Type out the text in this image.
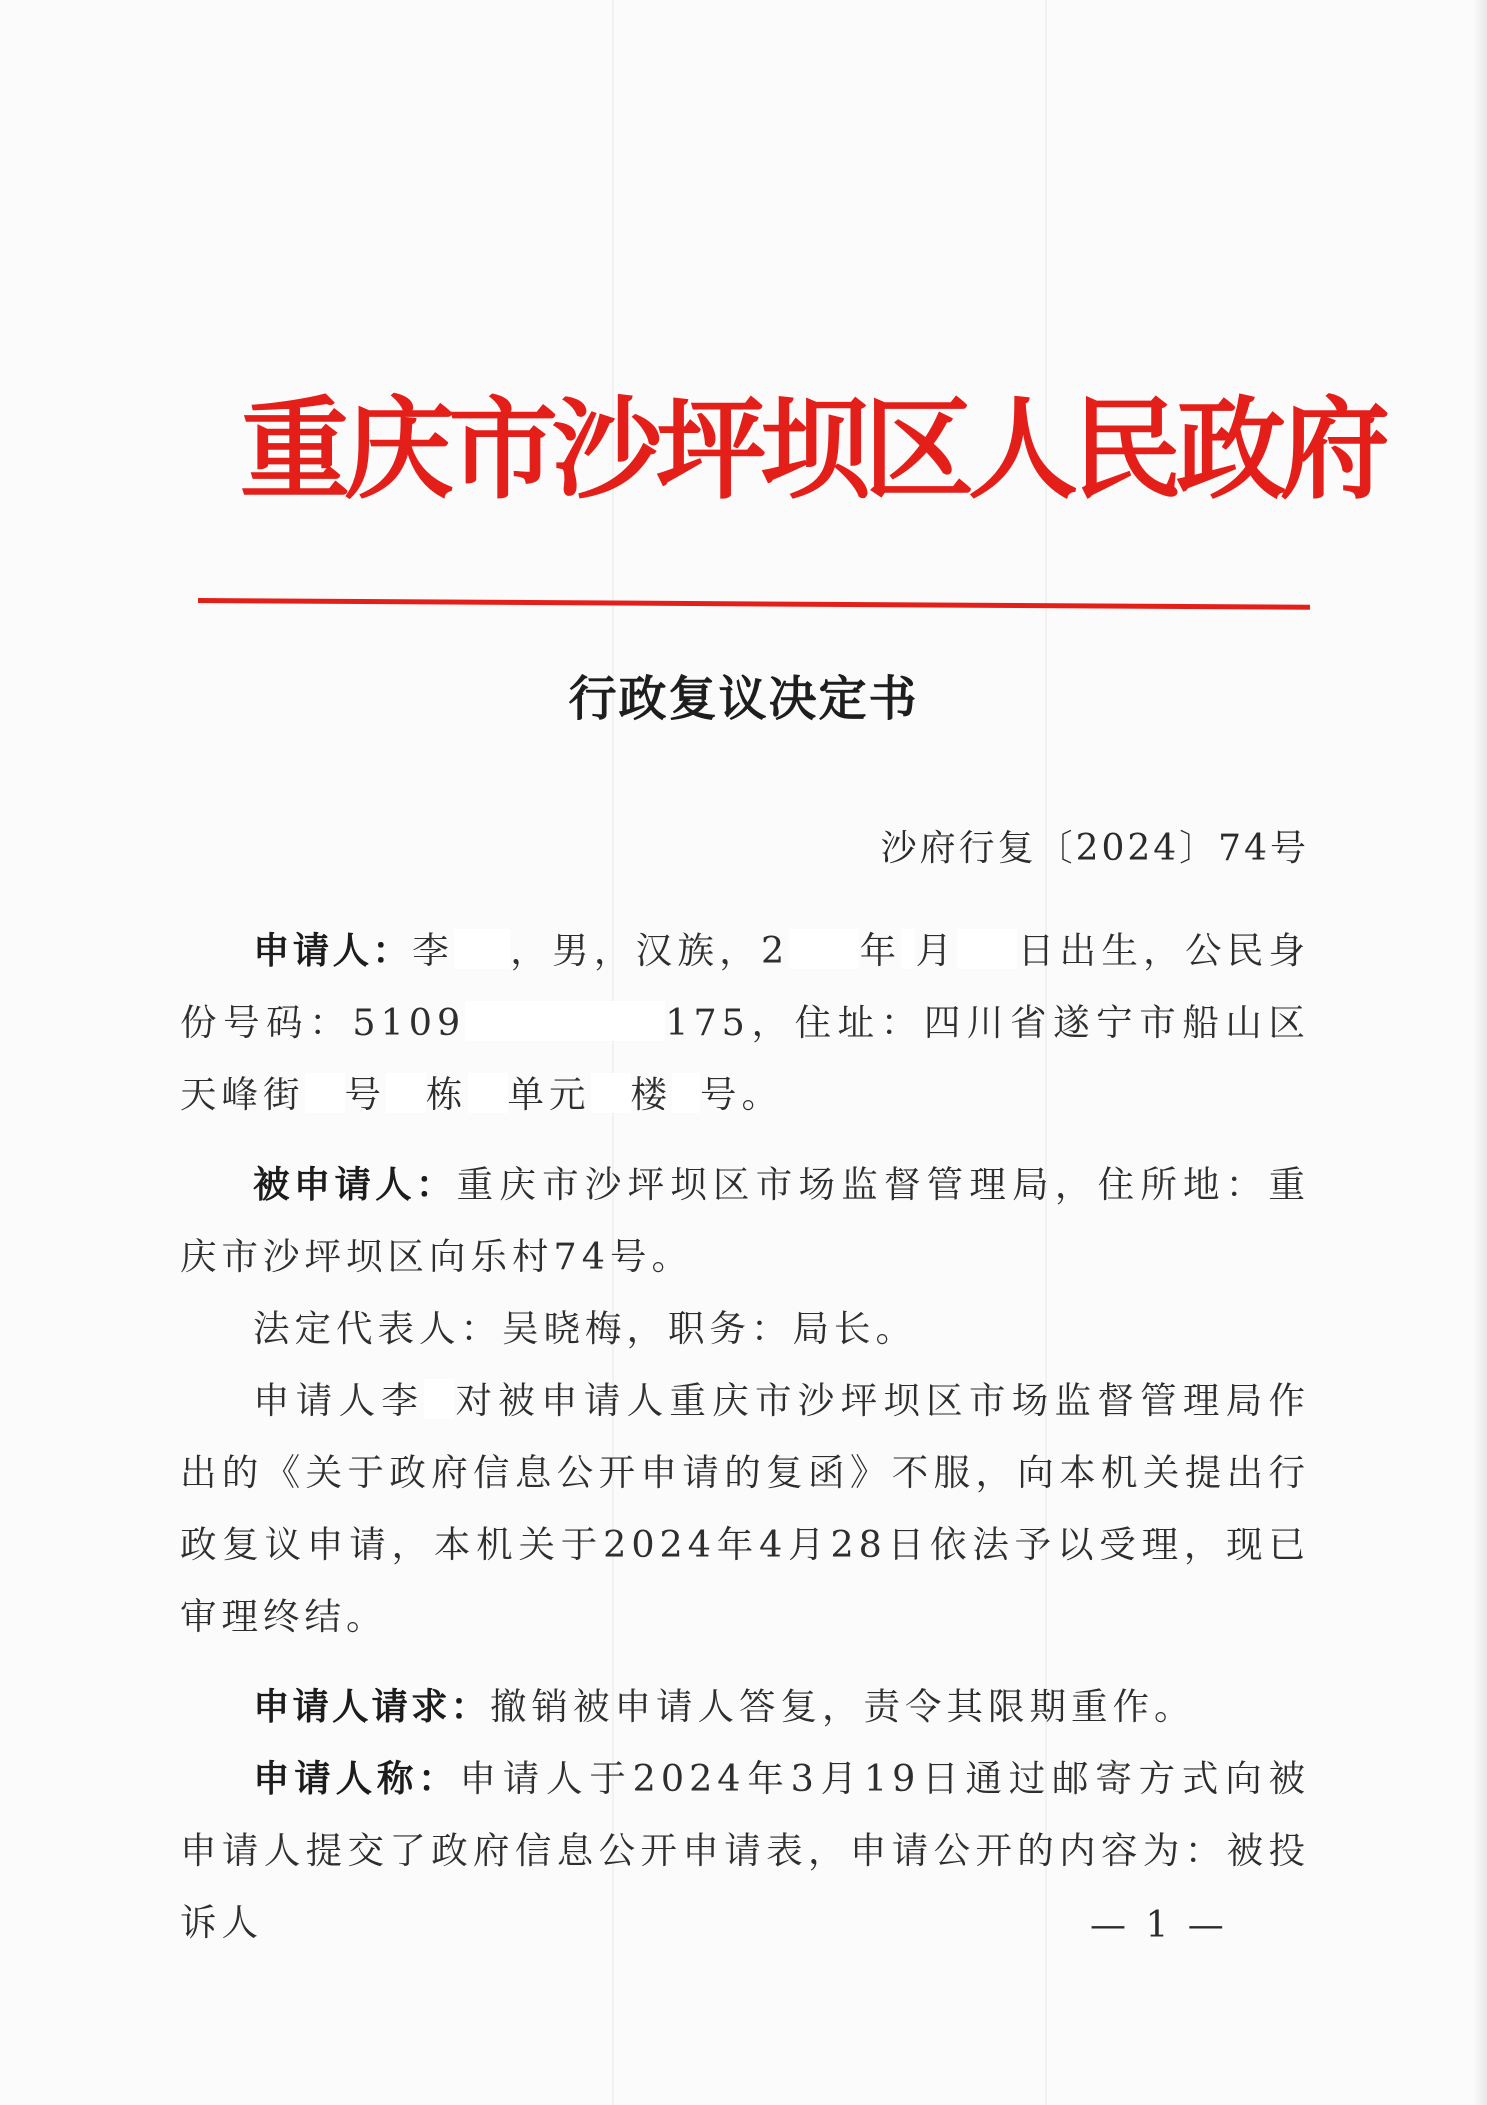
重庆市沙坪坝区人民政府
行政复议决定书
沙府行复〔2024〕74号

申请人：李 ，男，汉族，2 年 月 日出生，公民身份号码：5109	175，住址：四川省遂宁市船山区天峰街 号 栋 单元 楼 号。

被申请人：重庆市沙坪坝区市场监督管理局，住所地：重庆市沙坪坝区向乐村74号。

法定代表人：吴晓梅，职务：局长。

申请人李 对被申请人重庆市沙坪坝区市场监督管理局作出的《关于政府信息公开申请的复函》不服，向本机关提出行政复议申请，本机关于2024年4月28日依法予以受理，现已审理终结。

申请人请求：撤销被申请人答复，责令其限期重作。

申请人称：申请人于2024年3月19日通过邮寄方式向被申请人提交了政府信息公开申请表，申请公开的内容为：被投诉人	— 1 —
